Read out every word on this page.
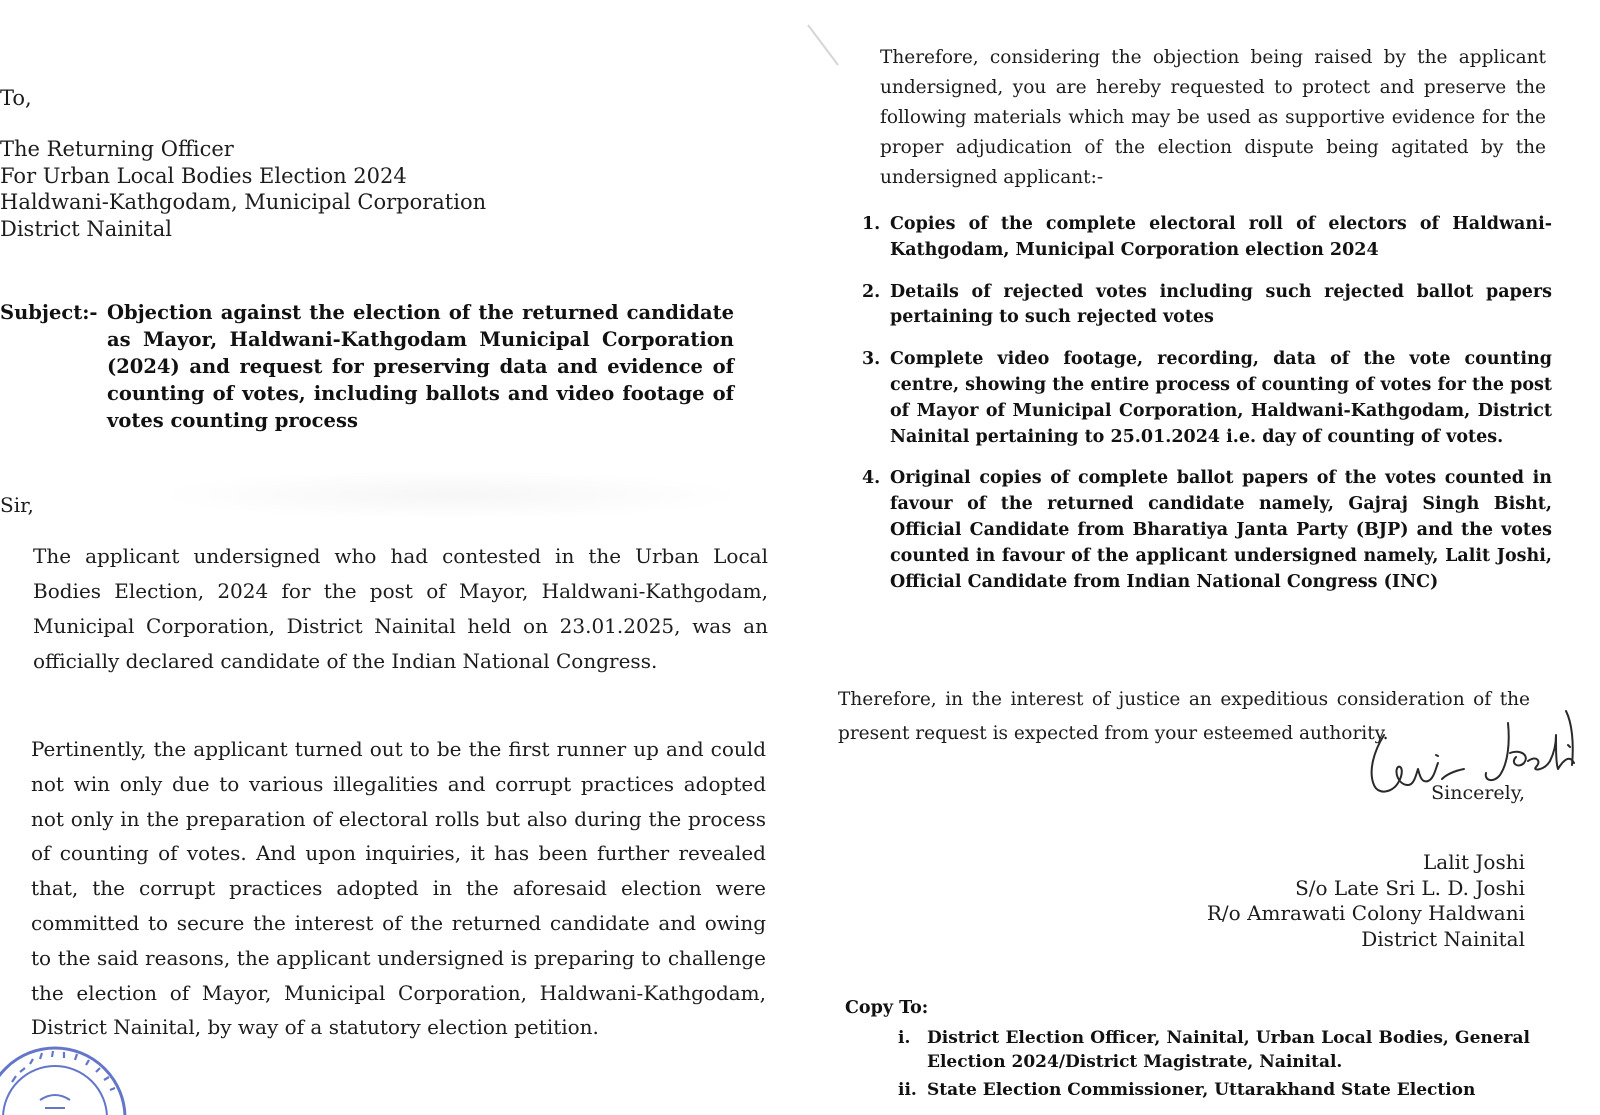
To,
The Returning Officer
For Urban Local Bodies Election 2024
Haldwani-Kathgodam, Municipal Corporation
District Nainital
Subject:- Objection against the election of the returned candidate as Mayor, Haldwani-Kathgodam Municipal Corporation (2024) and request for preserving data and evidence of counting of votes, including ballots and video footage of votes counting process
Sir,
The applicant undersigned who had contested in the Urban Local Bodies Election, 2024 for the post of Mayor, Haldwani-Kathgodam, Municipal Corporation, District Nainital held on 23.01.2025, was an officially declared candidate of the Indian National Congress.
Pertinently, the applicant turned out to be the first runner up and could not win only due to various illegalities and corrupt practices adopted not only in the preparation of electoral rolls but also during the process of counting of votes. And upon inquiries, it has been further revealed that, the corrupt practices adopted in the aforesaid election were committed to secure the interest of the returned candidate and owing to the said reasons, the applicant undersigned is preparing to challenge the election of Mayor, Municipal Corporation, Haldwani-Kathgodam, District Nainital, by way of a statutory election petition.
Therefore, considering the objection being raised by the applicant undersigned, you are hereby requested to protect and preserve the following materials which may be used as supportive evidence for the proper adjudication of the election dispute being agitated by the undersigned applicant:-
1. Copies of the complete electoral roll of electors of Haldwani-Kathgodam, Municipal Corporation election 2024
2. Details of rejected votes including such rejected ballot papers pertaining to such rejected votes
3. Complete video footage, recording, data of the vote counting centre, showing the entire process of counting of votes for the post of Mayor of Municipal Corporation, Haldwani-Kathgodam, District Nainital pertaining to 25.01.2024 i.e. day of counting of votes.
4. Original copies of complete ballot papers of the votes counted in favour of the returned candidate namely, Gajraj Singh Bisht, Official Candidate from Bharatiya Janta Party (BJP) and the votes counted in favour of the applicant undersigned namely, Lalit Joshi, Official Candidate from Indian National Congress (INC)
Therefore, in the interest of justice an expeditious consideration of the present request is expected from your esteemed authority.
Sincerely,
Lalit Joshi
S/o Late Sri L. D. Joshi
R/o Amrawati Colony Haldwani
District Nainital
Copy To:
i. District Election Officer, Nainital, Urban Local Bodies, General Election 2024/District Magistrate, Nainital.
ii. State Election Commissioner, Uttarakhand State Election
